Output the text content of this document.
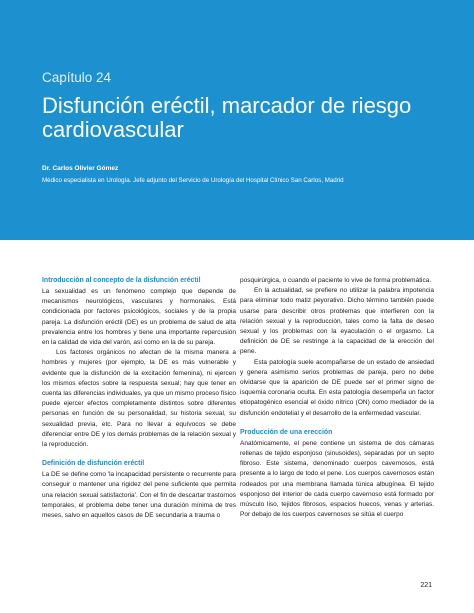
Capítulo 24
Disfunción eréctil, marcador de riesgo cardiovascular
Dr. Carlos Olivier Gómez
Médico especialista en Urología. Jefe adjunto del Servicio de Urología del Hospital Clínico San Carlos, Madrid
Introducción al concepto de la disfunción eréctil

La sexualidad es un fenómeno complejo que depende de mecanismos neurológicos, vasculares y hormonales. Está condicionada por factores psicológicos, sociales y de la propia pareja. La disfunción eréctil (DE) es un problema de salud de alta prevalencia entre los hombres y tiene una importante repercusión en la calidad de vida del varón, así como en la de su pareja.

Los factores orgánicos no afectan de la misma manera a hombres y mujeres (por ejemplo, la DE es más vulnerable y evidente que la disfunción de la excitación femenina), ni ejercen los mismos efectos sobre la respuesta sexual; hay que tener en cuenta las diferencias individuales, ya que un mismo proceso físico puede ejercer efectos completamente distintos sobre diferentes personas en función de su personalidad, su historia sexual, su sexualidad previa, etc. Para no llevar a equívocos se debe diferenciar entre DE y los demás problemas de la relación sexual y la reproducción.

Definición de disfunción eréctil

La DE se define como 'la incapacidad persistente o recurrente para conseguir o mantener una rigidez del pene suficiente que permita una relación sexual satisfactoria'. Con el fin de descartar trastornos temporales, el problema debe tener una duración mínima de tres meses, salvo en aquellos casos de DE secundaria a trauma o

posquirúrgica, o cuando el paciente lo vive de forma problemática.

En la actualidad, se prefiere no utilizar la palabra impotencia para eliminar todo matiz peyorativo. Dicho término también puede usarse para describir otros problemas que interfieren con la relación sexual y la reproducción, tales como la falta de deseo sexual y los problemas con la eyaculación o el orgasmo. La definición de DE se restringe a la capacidad de la erección del pene.

Esta patología suele acompañarse de un estado de ansiedad y genera asimismo serios problemas de pareja, pero no debe olvidarse que la aparición de DE puede ser el primer signo de isquemia coronaria oculta. En esta patología desempeña un factor etiopatogénico esencial el óxido nítrico (ON) como mediador de la disfunción endotelial y el desarrollo de la enfermedad vascular.

Producción de una erección

Anatómicamente, el pene contiene un sistema de dos cámaras rellenas de tejido esponjoso (sinusoides), separadas por un septo fibroso. Este sistema, denominado cuerpos cavernosos, está presente a lo largo de todo el pene. Los cuerpos cavernosos están rodeados por una membrana llamada túnica albugínea. El tejido esponjoso del interior de cada cuerpo cavernoso está formado por músculo liso, tejidos fibrosos, espacios huecos, venas y arterias. Por debajo de los cuerpos cavernosos se sitúa el cuerpo

221
